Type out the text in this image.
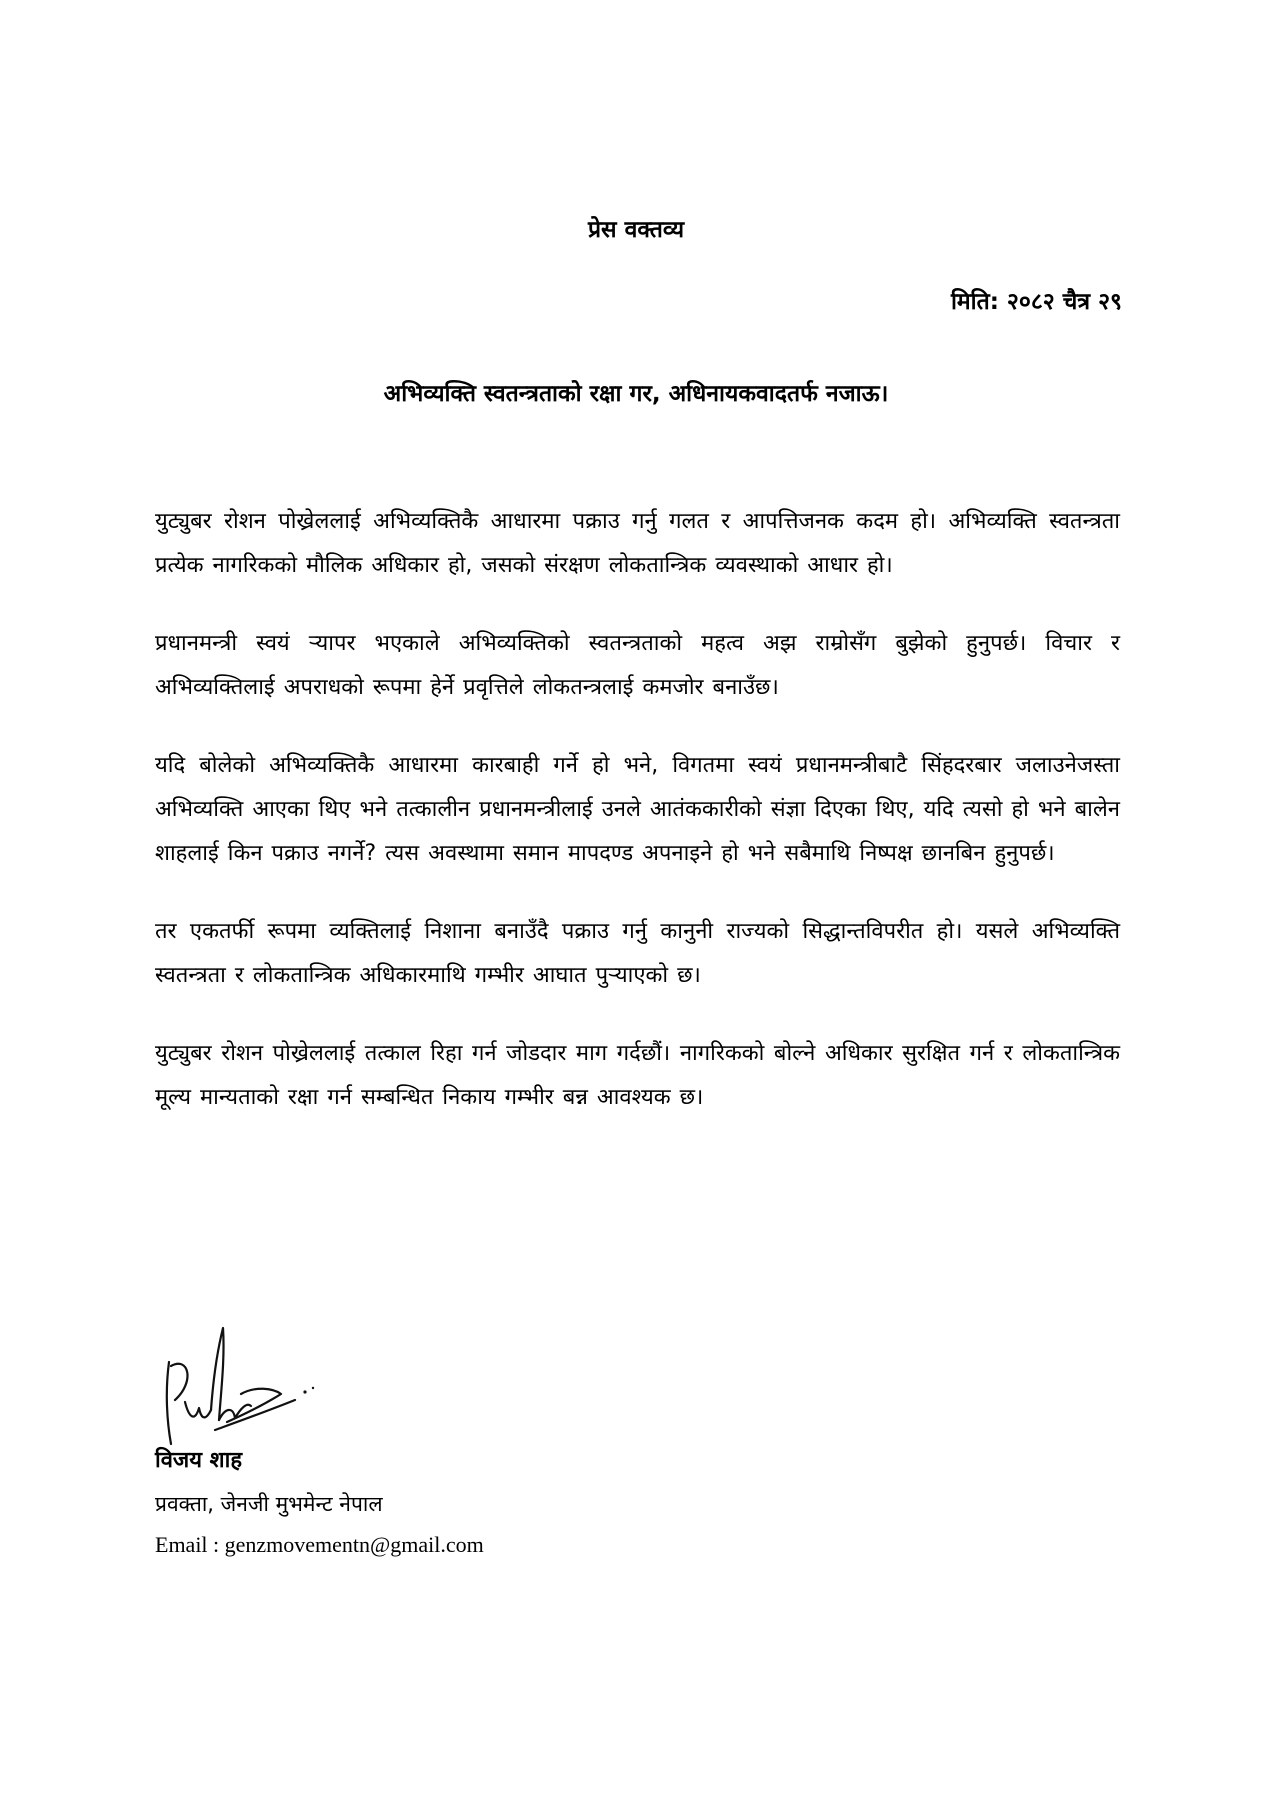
प्रेस वक्तव्य
मिति: २०८२ चैत्र २९
अभिव्यक्ति स्वतन्त्रताको रक्षा गर, अधिनायकवादतर्फ नजाऊ।

युट्युबर रोशन पोख्रेललाई अभिव्यक्तिकै आधारमा पक्राउ गर्नु गलत र आपत्तिजनक कदम हो। अभिव्यक्ति स्वतन्त्रता प्रत्येक नागरिकको मौलिक अधिकार हो, जसको संरक्षण लोकतान्त्रिक व्यवस्थाको आधार हो।

प्रधानमन्त्री स्वयं र्‍यापर भएकाले अभिव्यक्तिको स्वतन्त्रताको महत्व अझ राम्रोसँग बुझेको हुनुपर्छ। विचार र अभिव्यक्तिलाई अपराधको रूपमा हेर्ने प्रवृत्तिले लोकतन्त्रलाई कमजोर बनाउँछ।

यदि बोलेको अभिव्यक्तिकै आधारमा कारबाही गर्ने हो भने, विगतमा स्वयं प्रधानमन्त्रीबाटै सिंहदरबार जलाउनेजस्ता अभिव्यक्ति आएका थिए भने तत्कालीन प्रधानमन्त्रीलाई उनले आतंककारीको संज्ञा दिएका थिए, यदि त्यसो हो भने बालेन शाहलाई किन पक्राउ नगर्ने? त्यस अवस्थामा समान मापदण्ड अपनाइने हो भने सबैमाथि निष्पक्ष छानबिन हुनुपर्छ।

तर एकतर्फी रूपमा व्यक्तिलाई निशाना बनाउँदै पक्राउ गर्नु कानुनी राज्यको सिद्धान्तविपरीत हो। यसले अभिव्यक्ति स्वतन्त्रता र लोकतान्त्रिक अधिकारमाथि गम्भीर आघात पुर्‍याएको छ।

युट्युबर रोशन पोख्रेललाई तत्काल रिहा गर्न जोडदार माग गर्दछौं। नागरिकको बोल्ने अधिकार सुरक्षित गर्न र लोकतान्त्रिक मूल्य मान्यताको रक्षा गर्न सम्बन्धित निकाय गम्भीर बन्न आवश्यक छ।

विजय शाह
प्रवक्ता, जेनजी मुभमेन्ट नेपाल
Email : genzmovementn@gmail.com
